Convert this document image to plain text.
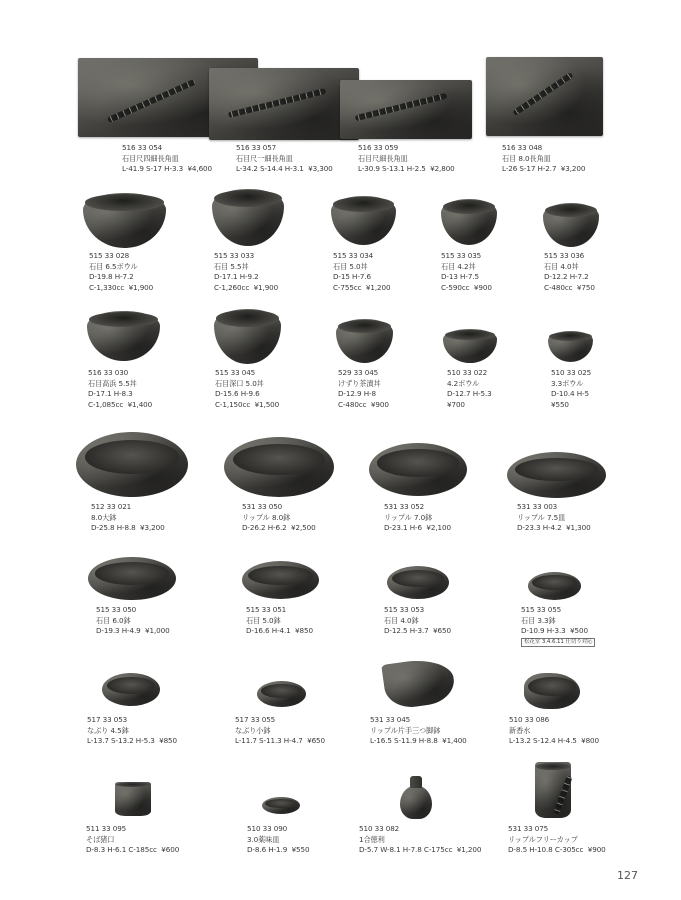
516 33 054
石目尺四細長角皿
L-41.9 S-17 H-3.3 ¥4,600
516 33 057
石目尺一細長角皿
L-34.2 S-14.4 H-3.1 ¥3,300
516 33 059
石目尺細長角皿
L-30.9 S-13.1 H-2.5 ¥2,800
516 33 048
石目 8.0長角皿
L-26 S-17 H-2.7 ¥3,200
515 33 028
石目 6.5ボウル
D-19.8 H-7.2
C-1,330cc ¥1,900
515 33 033
石目 5.5丼
D-17.1 H-9.2
C-1,260cc ¥1,900
515 33 034
石目 5.0丼
D-15 H-7.6
C-755cc ¥1,200
515 33 035
石目 4.2丼
D-13 H-7.5
C-590cc ¥900
515 33 036
石目 4.0丼
D-12.2 H-7.2
C-480cc ¥750
516 33 030
石目高浜 5.5丼
D-17.1 H-8.3
C-1,085cc ¥1,400
515 33 045
石目深口 5.0丼
D-15.6 H-9.6
C-1,150cc ¥1,500
529 33 045
けずり茶漬丼
D-12.9 H-8
C-480cc ¥900
510 33 022
4.2ボウル
D-12.7 H-5.3
¥700
510 33 025
3.3ボウル
D-10.4 H-5
¥550
512 33 021
8.0大鉢
D-25.8 H-8.8 ¥3,200
531 33 050
リップル 8.0鉢
D-26.2 H-6.2 ¥2,500
531 33 052
リップル 7.0鉢
D-23.1 H-6 ¥2,100
531 33 003
リップル 7.5皿
D-23.3 H-4.2 ¥1,300
515 33 050
石目 6.0鉢
D-19.3 H-4.9 ¥1,000
515 33 051
石目 5.0鉢
D-16.6 H-4.1 ¥850
515 33 053
石目 4.0鉢
D-12.5 H-3.7 ¥650
515 33 055
石目 3.3鉢
D-10.9 H-3.3 ¥500
松花堂 3.4.6.11 仕切り対応
517 33 053
なぶり 4.5鉢
L-13.7 S-13.2 H-5.3 ¥850
517 33 055
なぶり小鉢
L-11.7 S-11.3 H-4.7 ¥650
531 33 045
リップル片手三つ脚鉢
L-16.5 S-11.9 H-8.8 ¥1,400
510 33 086
新香水
L-13.2 S-12.4 H-4.5 ¥800
511 33 095
そば猪口
D-8.3 H-6.1 C-185cc ¥600
510 33 090
3.0薬味皿
D-8.6 H-1.9 ¥550
510 33 082
1合徳利
D-5.7 W-8.1 H-7.8 C-175cc ¥1,200
531 33 075
リップルフリーカップ
D-8.5 H-10.8 C-305cc ¥900
127
